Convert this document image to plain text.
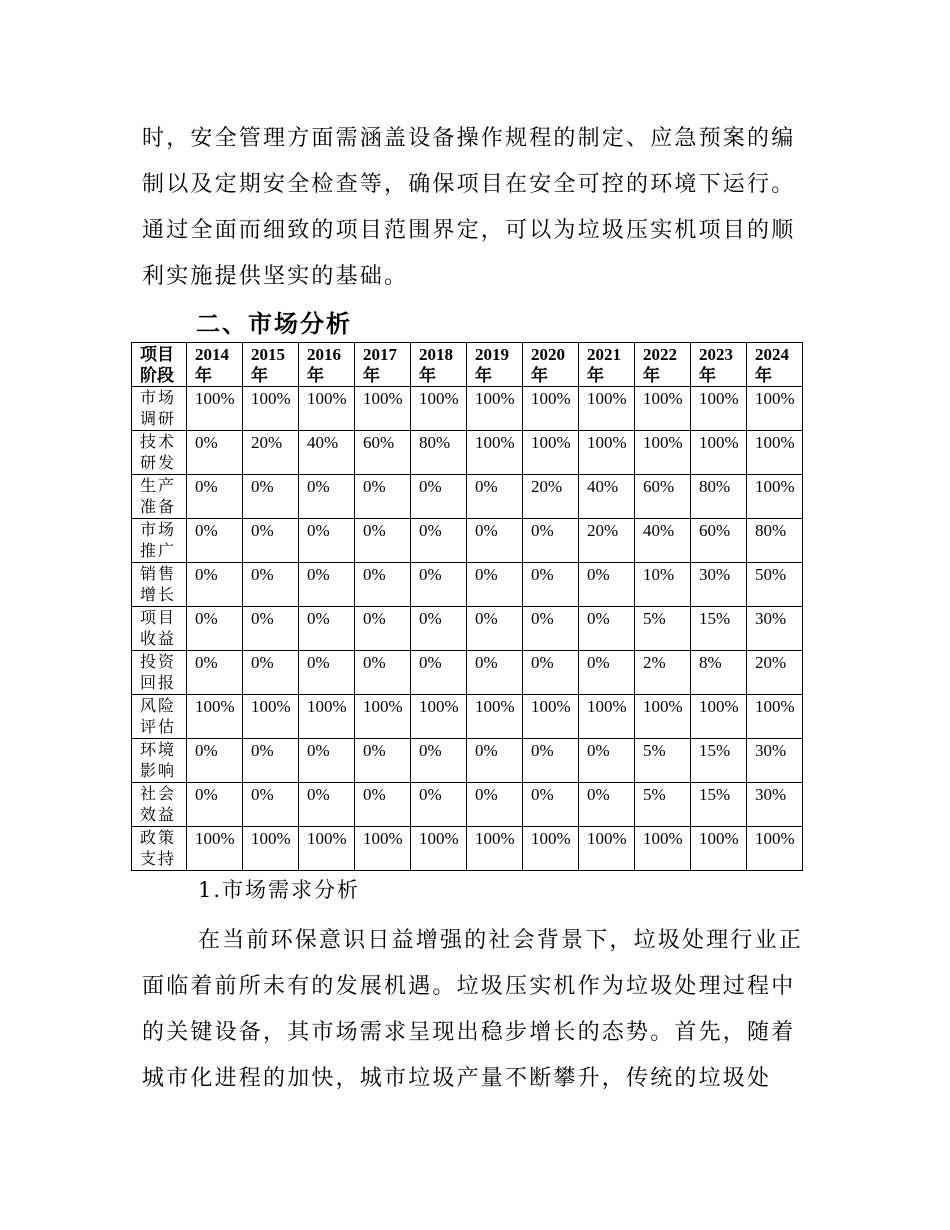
时，安全管理方面需涵盖设备操作规程的制定、应急预案的编制以及定期安全检查等，确保项目在安全可控的环境下运行。通过全面而细致的项目范围界定，可以为垃圾压实机项目的顺利实施提供坚实的基础。

二、市场分析
项目阶段	2014年	2015年	2016年	2017年	2018年	2019年	2020年	2021年	2022年	2023年	2024年
市场调研	100%	100%	100%	100%	100%	100%	100%	100%	100%	100%	100%
技术研发	0%	20%	40%	60%	80%	100%	100%	100%	100%	100%	100%
生产准备	0%	0%	0%	0%	0%	0%	20%	40%	60%	80%	100%
市场推广	0%	0%	0%	0%	0%	0%	0%	20%	40%	60%	80%
销售增长	0%	0%	0%	0%	0%	0%	0%	0%	10%	30%	50%
项目收益	0%	0%	0%	0%	0%	0%	0%	0%	5%	15%	30%
投资回报	0%	0%	0%	0%	0%	0%	0%	0%	2%	8%	20%
风险评估	100%	100%	100%	100%	100%	100%	100%	100%	100%	100%	100%
环境影响	0%	0%	0%	0%	0%	0%	0%	0%	5%	15%	30%
社会效益	0%	0%	0%	0%	0%	0%	0%	0%	5%	15%	30%
政策支持	100%	100%	100%	100%	100%	100%	100%	100%	100%	100%	100%

1.市场需求分析

在当前环保意识日益增强的社会背景下，垃圾处理行业正面临着前所未有的发展机遇。垃圾压实机作为垃圾处理过程中的关键设备，其市场需求呈现出稳步增长的态势。首先，随着城市化进程的加快，城市垃圾产量不断攀升，传统的垃圾处
